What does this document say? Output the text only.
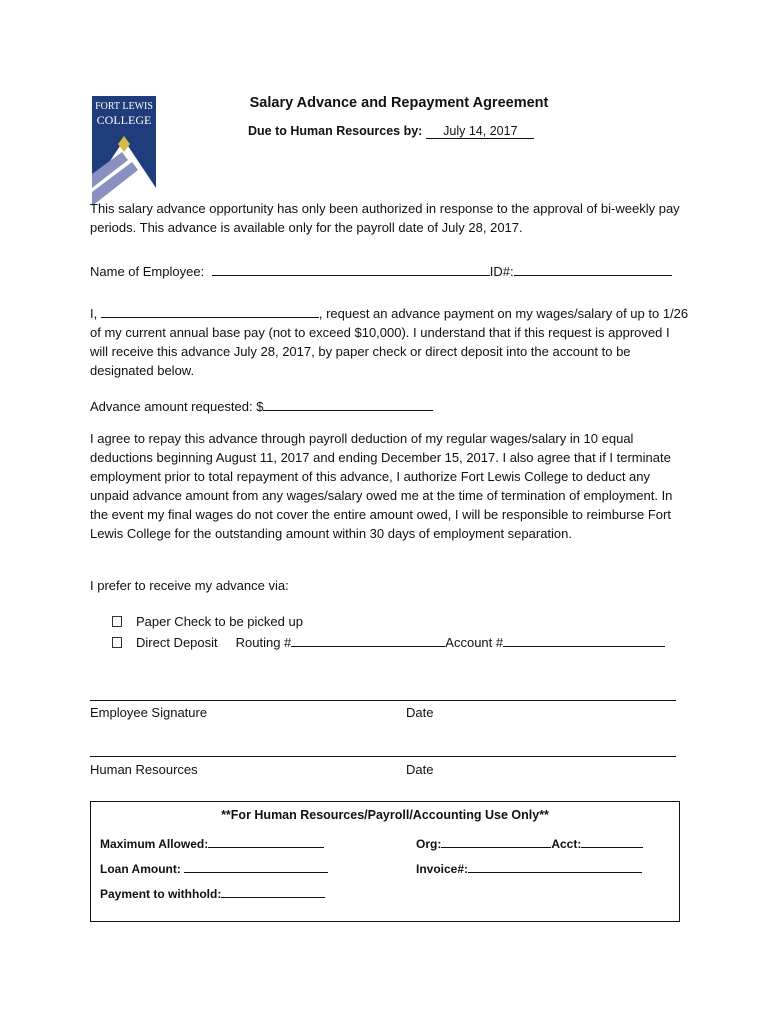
FORT LEWIS
COLLEGE
Salary Advance and Repayment Agreement
Due to Human Resources by: July 14, 2017
This salary advance opportunity has only been authorized in response to the approval of bi-weekly pay periods. This advance is available only for the payroll date of July 28, 2017.
Name of Employee:	ID#:
I,	, request an advance payment on my wages/salary of up to 1/26 of my current annual base pay (not to exceed $10,000). I understand that if this request is approved I will receive this advance July 28, 2017, by paper check or direct deposit into the account to be designated below.
Advance amount requested: $
I agree to repay this advance through payroll deduction of my regular wages/salary in 10 equal deductions beginning August 11, 2017 and ending December 15, 2017. I also agree that if I terminate employment prior to total repayment of this advance, I authorize Fort Lewis College to deduct any unpaid advance amount from any wages/salary owed me at the time of termination of employment. In the event my final wages do not cover the entire amount owed, I will be responsible to reimburse Fort Lewis College for the outstanding amount within 30 days of employment separation.
I prefer to receive my advance via:
Paper Check to be picked up
Direct Deposit Routing #	Account #
Employee Signature	Date
Human Resources	Date
**For Human Resources/Payroll/Accounting Use Only**
Maximum Allowed:	Org:	Acct:
Loan Amount:	Invoice#:
Payment to withhold:
